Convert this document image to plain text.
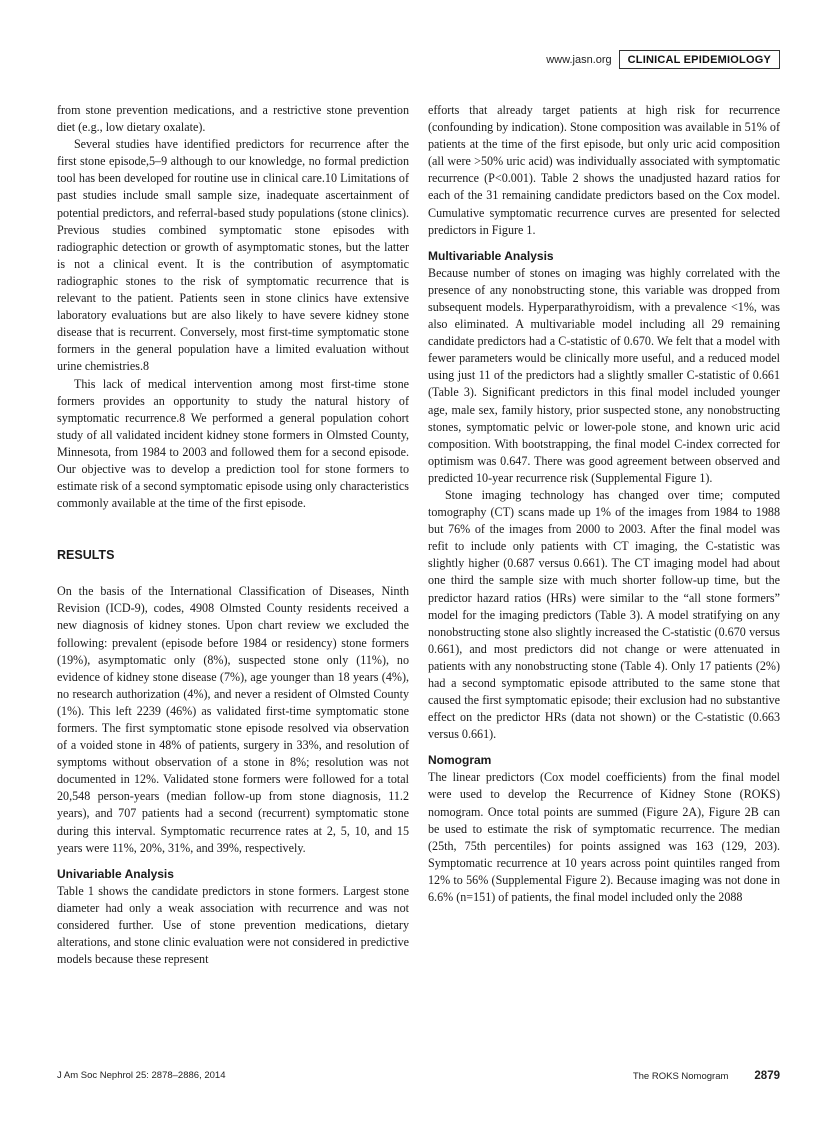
www.jasn.org	CLINICAL EPIDEMIOLOGY

from stone prevention medications, and a restrictive stone prevention diet (e.g., low dietary oxalate).

Several studies have identified predictors for recurrence after the first stone episode,5–9 although to our knowledge, no formal prediction tool has been developed for routine use in clinical care.10 Limitations of past studies include small sample size, inadequate ascertainment of potential predictors, and referral-based study populations (stone clinics). Previous studies combined symptomatic stone episodes with radiographic detection or growth of asymptomatic stones, but the latter is not a clinical event. It is the contribution of asymptomatic radiographic stones to the risk of symptomatic recurrence that is relevant to the patient. Patients seen in stone clinics have extensive laboratory evaluations but are also likely to have severe kidney stone disease that is recurrent. Conversely, most first-time symptomatic stone formers in the general population have a limited evaluation without urine chemistries.8

This lack of medical intervention among most first-time stone formers provides an opportunity to study the natural history of symptomatic recurrence.8 We performed a general population cohort study of all validated incident kidney stone formers in Olmsted County, Minnesota, from 1984 to 2003 and followed them for a second episode. Our objective was to develop a prediction tool for stone formers to estimate risk of a second symptomatic episode using only characteristics commonly available at the time of the first episode.

RESULTS

On the basis of the International Classification of Diseases, Ninth Revision (ICD-9), codes, 4908 Olmsted County residents received a new diagnosis of kidney stones. Upon chart review we excluded the following: prevalent (episode before 1984 or residency) stone formers (19%), asymptomatic only (8%), suspected stone only (11%), no evidence of kidney stone disease (7%), age younger than 18 years (4%), no research authorization (4%), and never a resident of Olmsted County (1%). This left 2239 (46%) as validated first-time symptomatic stone formers. The first symptomatic stone episode resolved via observation of a voided stone in 48% of patients, surgery in 33%, and resolution of symptoms without observation of a stone in 8%; resolution was not documented in 12%. Validated stone formers were followed for a total 20,548 person-years (median follow-up from stone diagnosis, 11.2 years), and 707 patients had a second (recurrent) symptomatic stone during this interval. Symptomatic recurrence rates at 2, 5, 10, and 15 years were 11%, 20%, 31%, and 39%, respectively.

Univariable Analysis

Table 1 shows the candidate predictors in stone formers. Largest stone diameter had only a weak association with recurrence and was not considered further. Use of stone prevention medications, dietary alterations, and stone clinic evaluation were not considered in predictive models because these represent

efforts that already target patients at high risk for recurrence (confounding by indication). Stone composition was available in 51% of patients at the time of the first episode, but only uric acid composition (all were >50% uric acid) was individually associated with symptomatic recurrence (P<0.001). Table 2 shows the unadjusted hazard ratios for each of the 31 remaining candidate predictors based on the Cox model. Cumulative symptomatic recurrence curves are presented for selected predictors in Figure 1.

Multivariable Analysis

Because number of stones on imaging was highly correlated with the presence of any nonobstructing stone, this variable was dropped from subsequent models. Hyperparathyroidism, with a prevalence <1%, was also eliminated. A multivariable model including all 29 remaining candidate predictors had a C-statistic of 0.670. We felt that a model with fewer parameters would be clinically more useful, and a reduced model using just 11 of the predictors had a slightly smaller C-statistic of 0.661 (Table 3). Significant predictors in this final model included younger age, male sex, family history, prior suspected stone, any nonobstructing stones, symptomatic pelvic or lower-pole stone, and known uric acid composition. With bootstrapping, the final model C-index corrected for optimism was 0.647. There was good agreement between observed and predicted 10-year recurrence risk (Supplemental Figure 1).

Stone imaging technology has changed over time; computed tomography (CT) scans made up 1% of the images from 1984 to 1988 but 76% of the images from 2000 to 2003. After the final model was refit to include only patients with CT imaging, the C-statistic was slightly higher (0.687 versus 0.661). The CT imaging model had about one third the sample size with much shorter follow-up time, but the predictor hazard ratios (HRs) were similar to the “all stone formers” model for the imaging predictors (Table 3). A model stratifying on any nonobstructing stone also slightly increased the C-statistic (0.670 versus 0.661), and most predictors did not change or were attenuated in patients with any nonobstructing stone (Table 4). Only 17 patients (2%) had a second symptomatic episode attributed to the same stone that caused the first symptomatic episode; their exclusion had no substantive effect on the predictor HRs (data not shown) or the C-statistic (0.663 versus 0.661).

Nomogram

The linear predictors (Cox model coefficients) from the final model were used to develop the Recurrence of Kidney Stone (ROKS) nomogram. Once total points are summed (Figure 2A), Figure 2B can be used to estimate the risk of symptomatic recurrence. The median (25th, 75th percentiles) for points assigned was 163 (129, 203). Symptomatic recurrence at 10 years across point quintiles ranged from 12% to 56% (Supplemental Figure 2). Because imaging was not done in 6.6% (n=151) of patients, the final model included only the 2088

J Am Soc Nephrol 25: 2878–2886, 2014	The ROKS Nomogram 2879
